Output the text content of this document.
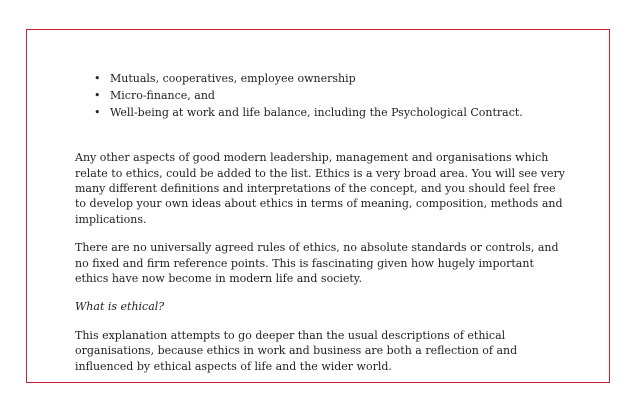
• Mutuals, cooperatives, employee ownership
• Micro-finance, and
• Well-being at work and life balance, including the Psychological Contract.

Any other aspects of good modern leadership, management and organisations which relate to ethics, could be added to the list. Ethics is a very broad area. You will see very many different definitions and interpretations of the concept, and you should feel free to develop your own ideas about ethics in terms of meaning, composition, methods and implications.

There are no universally agreed rules of ethics, no absolute standards or controls, and no fixed and firm reference points. This is fascinating given how hugely important ethics have now become in modern life and society.

What is ethical?

This explanation attempts to go deeper than the usual descriptions of ethical organisations, because ethics in work and business are both a reflection of and influenced by ethical aspects of life and the wider world.
